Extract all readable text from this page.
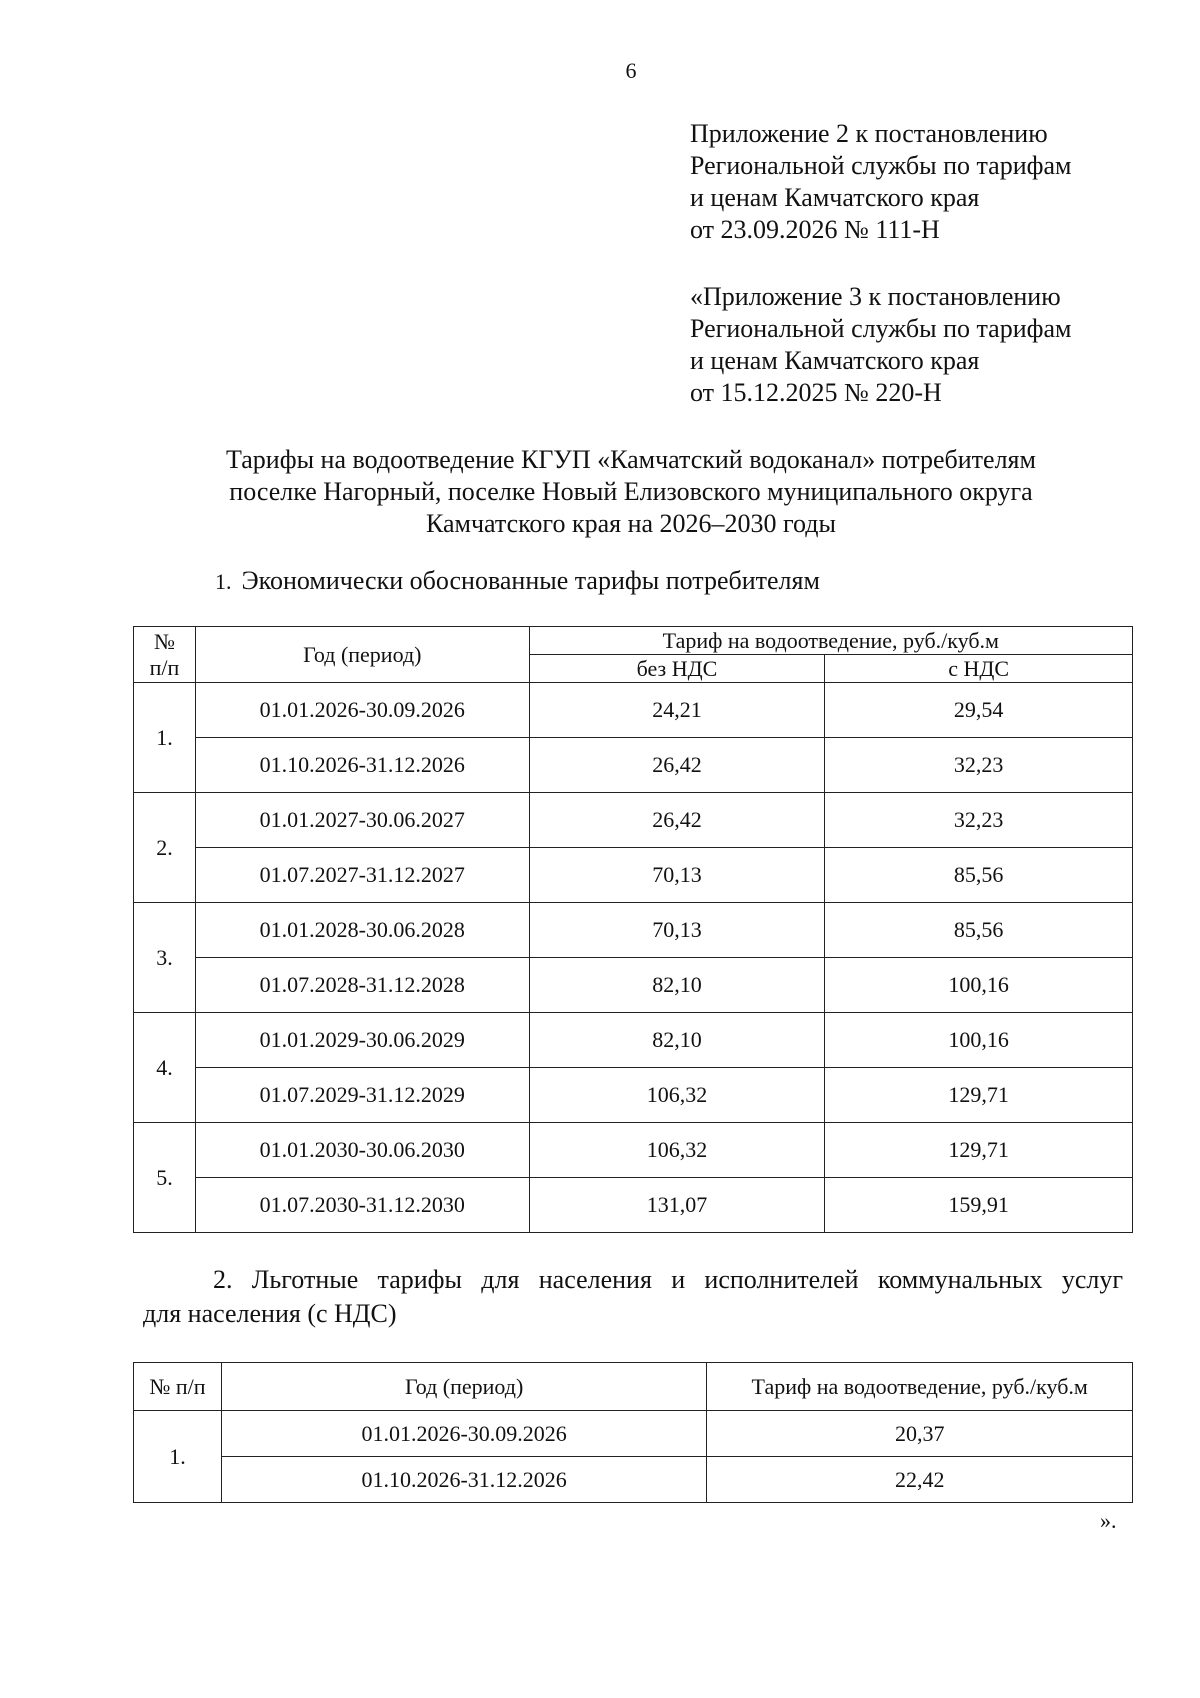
6
Приложение 2 к постановлению
Региональной службы по тарифам
и ценам Камчатского края
от 23.09.2026 № 111-Н
«Приложение 3 к постановлению
Региональной службы по тарифам
и ценам Камчатского края
от 15.12.2025 № 220-Н
Тарифы на водоотведение КГУП «Камчатский водоканал» потребителям
поселке Нагорный, поселке Новый Елизовского муниципального округа
Камчатского края на 2026–2030 годы
1. Экономически обоснованные тарифы потребителям
№
п/п	Год (период)	Тариф на водоотведение, руб./куб.м	
		без НДС	с НДС
1.	01.01.2026-30.09.2026	24,21	29,54
	01.10.2026-31.12.2026	26,42	32,23
2.	01.01.2027-30.06.2027	26,42	32,23
	01.07.2027-31.12.2027	70,13	85,56
3.	01.01.2028-30.06.2028	70,13	85,56
	01.07.2028-31.12.2028	82,10	100,16
4.	01.01.2029-30.06.2029	82,10	100,16
	01.07.2029-31.12.2029	106,32	129,71
5.	01.01.2030-30.06.2030	106,32	129,71
	01.07.2030-31.12.2030	131,07	159,91
2. Льготные тарифы для населения и исполнителей коммунальных услуг
для населения (с НДС)
№ п/п	Год (период)	Тариф на водоотведение, руб./куб.м
1.	01.01.2026-30.09.2026	20,37
	01.10.2026-31.12.2026	22,42
».
